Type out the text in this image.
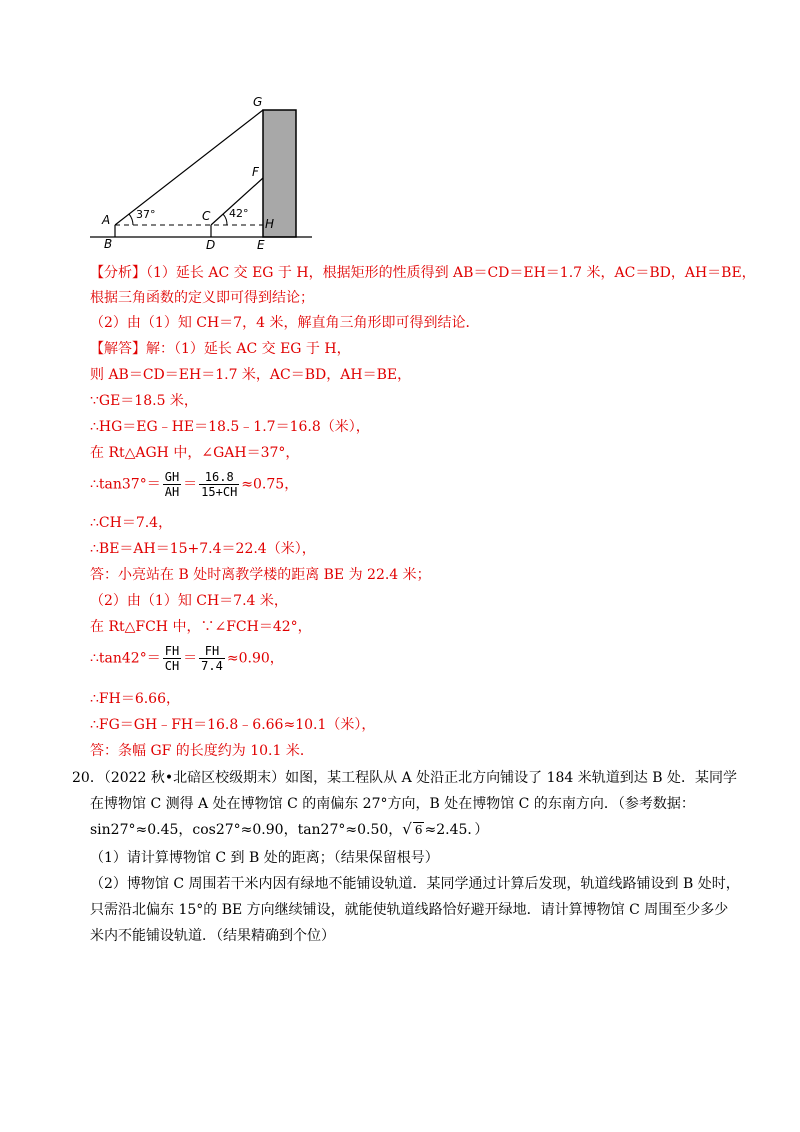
G
F
H
A	C
B	D	E
37°	42°
【分析】（1）延长 AC 交 EG 于 H，根据矩形的性质得到 AB＝CD＝EH＝1.7 米，AC＝BD，AH＝BE，
根据三角函数的定义即可得到结论；
（2）由（1）知 CH＝7，4 米，解直角三角形即可得到结论．
【解答】解：（1）延长 AC 交 EG 于 H，
则 AB＝CD＝EH＝1.7 米，AC＝BD，AH＝BE，
∵GE＝18.5 米，
∴HG＝EG﹣HE＝18.5﹣1.7＝16.8（米），
在 Rt△AGH 中，∠GAH＝37°，
∴tan37°＝ $\frac{GH}{AH} = \frac{16.8}{15+CH} \approx 0.75$，
∴CH＝7.4，
∴BE＝AH＝15+7.4＝22.4（米），
答：小亮站在 B 处时离教学楼的距离 BE 为 22.4 米；
（2）由（1）知 CH＝7.4 米，
在 Rt△FCH 中，∵∠FCH＝42°，
∴tan42°＝ $\frac{FH}{CH} = \frac{FH}{7.4} \approx 0.90$，
∴FH＝6.66，
∴FG＝GH﹣FH＝16.8﹣6.66≈10.1（米），
答：条幅 GF 的长度约为 10.1 米．
20．（2022 秋•北碚区校级期末）如图，某工程队从 A 处沿正北方向铺设了 184 米轨道到达 B 处．某同学
在博物馆 C 测得 A 处在博物馆 C 的南偏东 27°方向，B 处在博物馆 C 的东南方向．（参考数据：
sin27°≈0.45，cos27°≈0.90，tan27°≈0.50，√ 6 ≈2.45．）
（1）请计算博物馆 C 到 B 处的距离；（结果保留根号）
（2）博物馆 C 周围若干米内因有绿地不能铺设轨道．某同学通过计算后发现，轨道线路铺设到 B 处时，
只需沿北偏东 15°的 BE 方向继续铺设，就能使轨道线路恰好避开绿地．请计算博物馆 C 周围至少多少
米内不能铺设轨道．（结果精确到个位）
